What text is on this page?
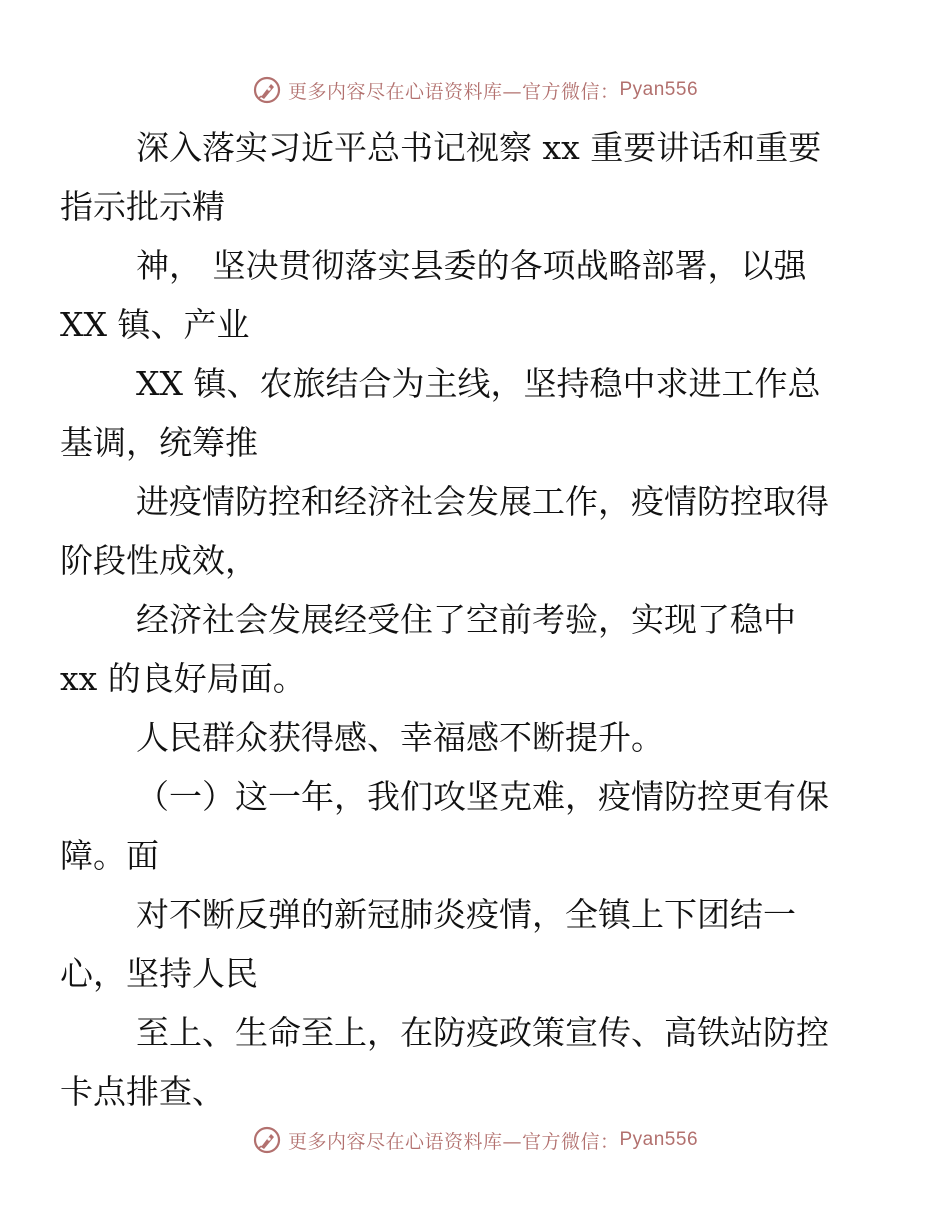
更多内容尽在心语资料库—官方微信： Pyan556

深入落实习近平总书记视察 xx 重要讲话和重要
指示批示精

神， 坚决贯彻落实县委的各项战略部署，以强
XX 镇、产业

XX 镇、农旅结合为主线，坚持稳中求进工作总
基调，统筹推

进疫情防控和经济社会发展工作，疫情防控取得
阶段性成效，

经济社会发展经受住了空前考验，实现了稳中
xx 的良好局面。

人民群众获得感、幸福感不断提升。

（一）这一年，我们攻坚克难，疫情防控更有保
障。面

对不断反弹的新冠肺炎疫情，全镇上下团结一
心，坚持人民

至上、生命至上，在防疫政策宣传、高铁站防控
卡点排查、

更多内容尽在心语资料库—官方微信： Pyan556
